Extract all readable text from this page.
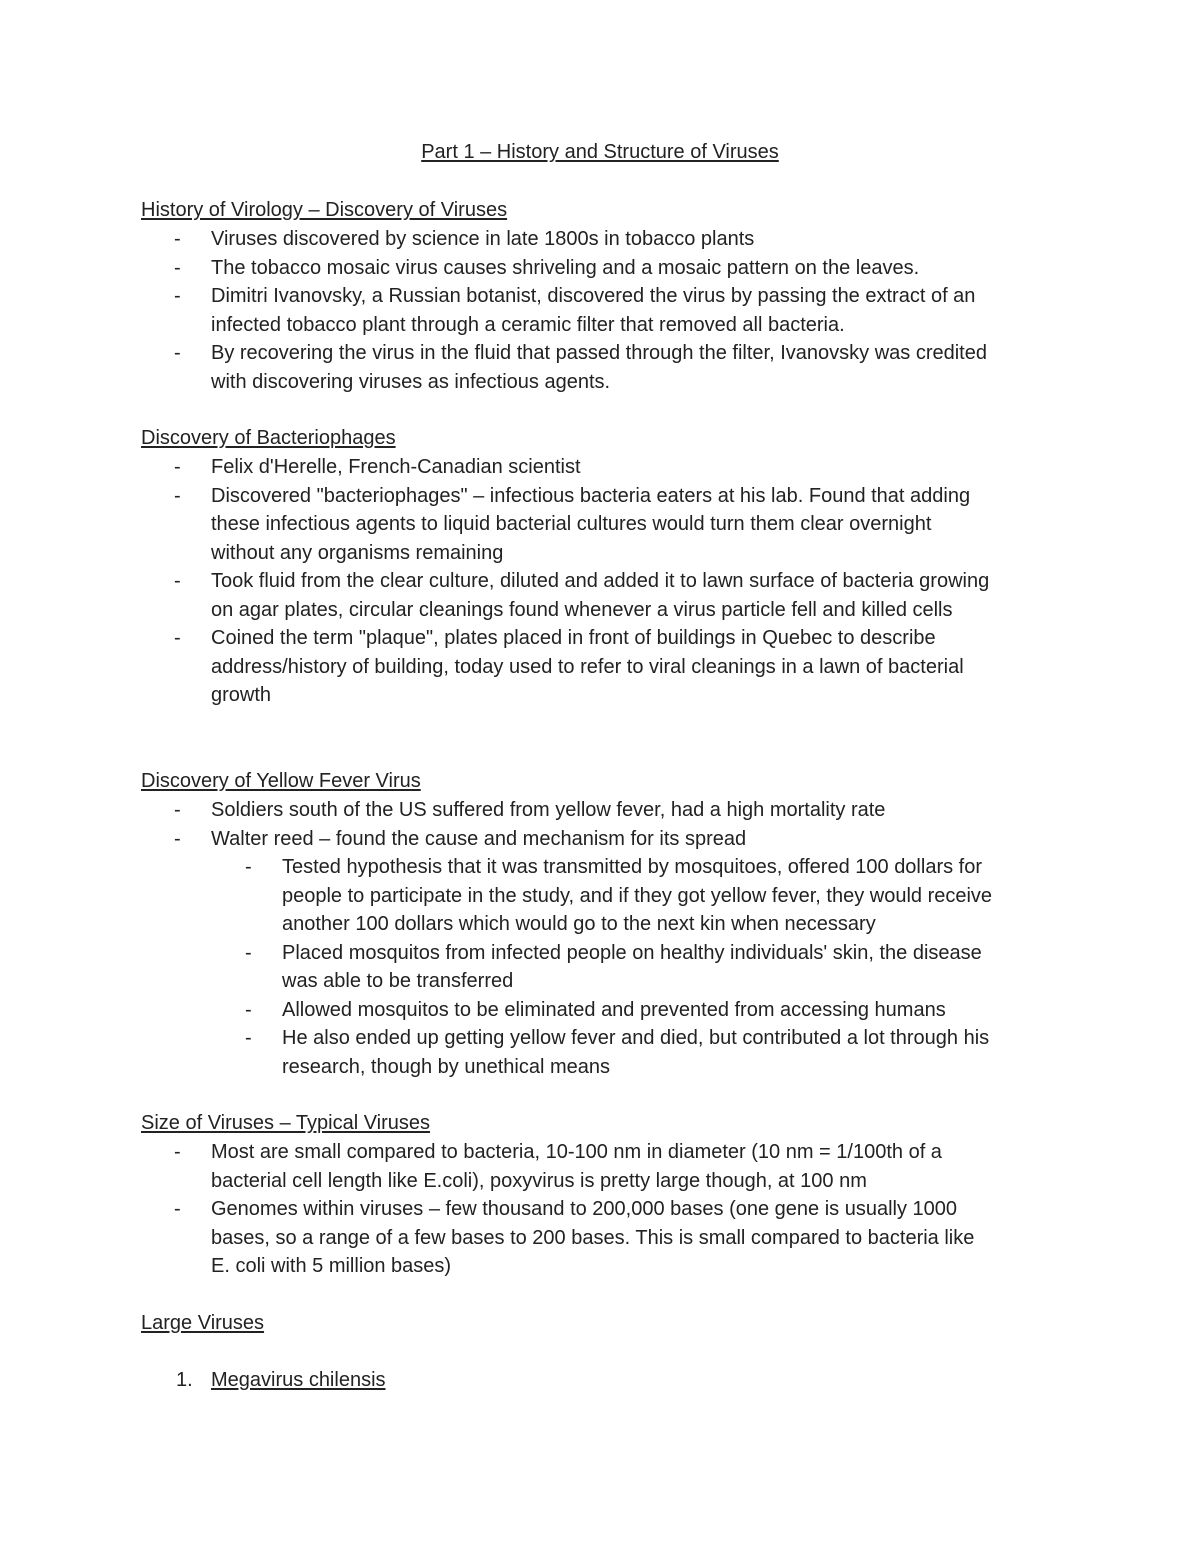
Part 1 – History and Structure of Viruses
History of Virology – Discovery of Viruses
- Viruses discovered by science in late 1800s in tobacco plants
- The tobacco mosaic virus causes shriveling and a mosaic pattern on the leaves.
- Dimitri Ivanovsky, a Russian botanist, discovered the virus by passing the extract of an
infected tobacco plant through a ceramic filter that removed all bacteria.
- By recovering the virus in the fluid that passed through the filter, Ivanovsky was credited
with discovering viruses as infectious agents.
Discovery of Bacteriophages
- Felix d'Herelle, French-Canadian scientist
- Discovered "bacteriophages" – infectious bacteria eaters at his lab. Found that adding
these infectious agents to liquid bacterial cultures would turn them clear overnight
without any organisms remaining
- Took fluid from the clear culture, diluted and added it to lawn surface of bacteria growing
on agar plates, circular cleanings found whenever a virus particle fell and killed cells
- Coined the term "plaque", plates placed in front of buildings in Quebec to describe
address/history of building, today used to refer to viral cleanings in a lawn of bacterial
growth
Discovery of Yellow Fever Virus
- Soldiers south of the US suffered from yellow fever, had a high mortality rate
- Walter reed – found the cause and mechanism for its spread
- Tested hypothesis that it was transmitted by mosquitoes, offered 100 dollars for
people to participate in the study, and if they got yellow fever, they would receive
another 100 dollars which would go to the next kin when necessary
- Placed mosquitos from infected people on healthy individuals' skin, the disease
was able to be transferred
- Allowed mosquitos to be eliminated and prevented from accessing humans
- He also ended up getting yellow fever and died, but contributed a lot through his
research, though by unethical means
Size of Viruses – Typical Viruses
- Most are small compared to bacteria, 10-100 nm in diameter (10 nm = 1/100th of a
bacterial cell length like E.coli), poxyvirus is pretty large though, at 100 nm
- Genomes within viruses – few thousand to 200,000 bases (one gene is usually 1000
bases, so a range of a few bases to 200 bases. This is small compared to bacteria like
E. coli with 5 million bases)
Large Viruses
1. Megavirus chilensis
